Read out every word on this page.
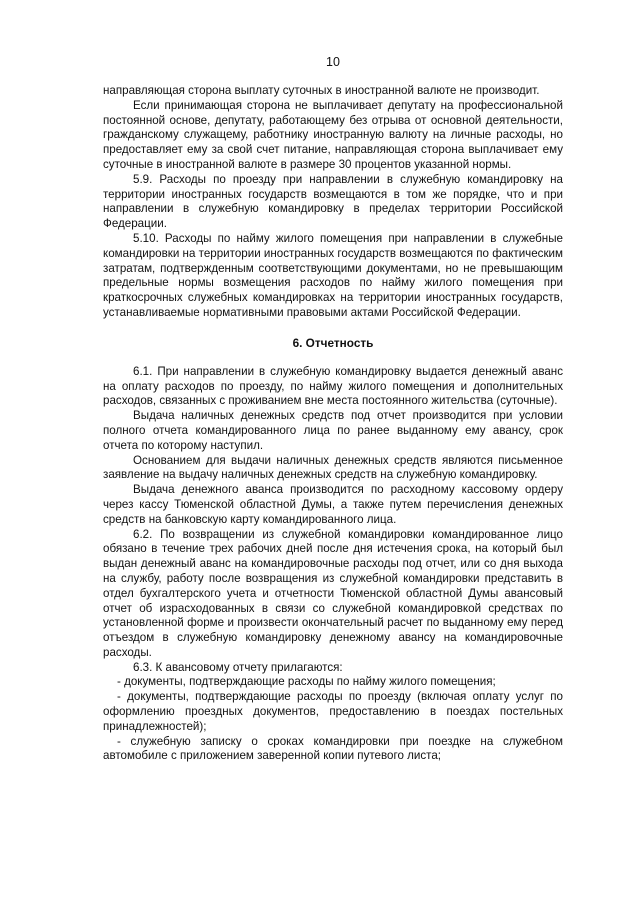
10

направляющая сторона выплату суточных в иностранной валюте не производит.

Если принимающая сторона не выплачивает депутату на профессиональной постоянной основе, депутату, работающему без отрыва от основной деятельности, гражданскому служащему, работнику иностранную валюту на личные расходы, но предоставляет ему за свой счет питание, направляющая сторона выплачивает ему суточные в иностранной валюте в размере 30 процентов указанной нормы.

5.9. Расходы по проезду при направлении в служебную командировку на территории иностранных государств возмещаются в том же порядке, что и при направлении в служебную командировку в пределах территории Российской Федерации.

5.10. Расходы по найму жилого помещения при направлении в служебные командировки на территории иностранных государств возмещаются по фактическим затратам, подтвержденным соответствующими документами, но не превышающим предельные нормы возмещения расходов по найму жилого помещения при краткосрочных служебных командировках на территории иностранных государств, устанавливаемые нормативными правовыми актами Российской Федерации.

6. Отчетность

6.1. При направлении в служебную командировку выдается денежный аванс на оплату расходов по проезду, по найму жилого помещения и дополнительных расходов, связанных с проживанием вне места постоянного жительства (суточные).

Выдача наличных денежных средств под отчет производится при условии полного отчета командированного лица по ранее выданному ему авансу, срок отчета по которому наступил.

Основанием для выдачи наличных денежных средств являются письменное заявление на выдачу наличных денежных средств на служебную командировку.

Выдача денежного аванса производится по расходному кассовому ордеру через кассу Тюменской областной Думы, а также путем перечисления денежных средств на банковскую карту командированного лица.

6.2. По возвращении из служебной командировки командированное лицо обязано в течение трех рабочих дней после дня истечения срока, на который был выдан денежный аванс на командировочные расходы под отчет, или со дня выхода на службу, работу после возвращения из служебной командировки представить в отдел бухгалтерского учета и отчетности Тюменской областной Думы авансовый отчет об израсходованных в связи со служебной командировкой средствах по установленной форме и произвести окончательный расчет по выданному ему перед отъездом в служебную командировку денежному авансу на командировочные расходы.

6.3. К авансовому отчету прилагаются:

- документы, подтверждающие расходы по найму жилого помещения;

- документы, подтверждающие расходы по проезду (включая оплату услуг по оформлению проездных документов, предоставлению в поездах постельных принадлежностей);

- служебную записку о сроках командировки при поездке на служебном автомобиле с приложением заверенной копии путевого листа;
